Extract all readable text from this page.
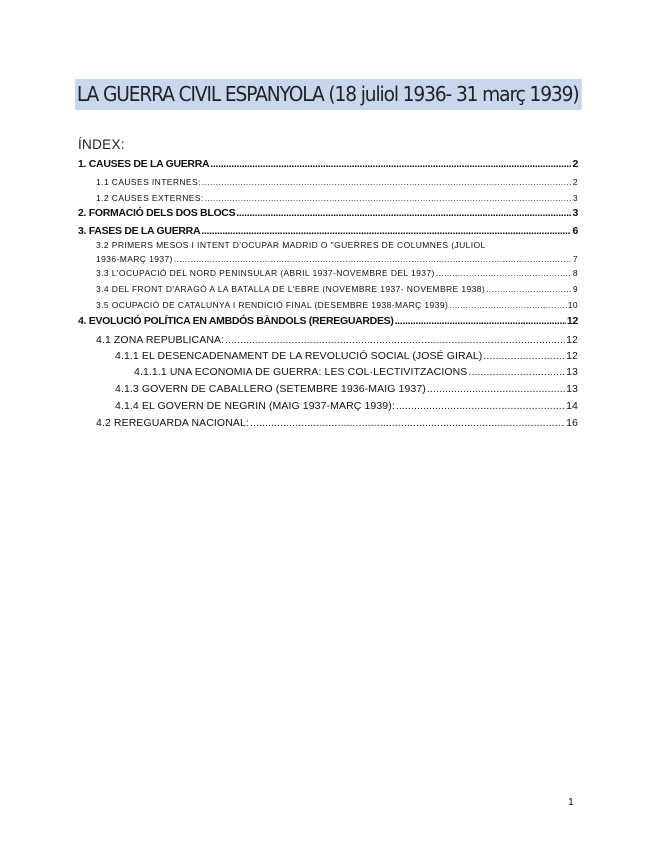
LA GUERRA CIVIL ESPANYOLA (18 juliol 1936- 31 març 1939)
ÍNDEX:
1. CAUSES DE LA GUERRA .....	2
1.1 CAUSES INTERNES: .....	2
1.2 CAUSES EXTERNES: .....	3
2. FORMACIÓ DELS DOS BLOCS .....	3
3. FASES DE LA GUERRA .....	6
3.2 PRIMERS MESOS I INTENT D'OCUPAR MADRID O "GUERRES DE COLUMNES (JULIOL
1936-MARÇ 1937) .....	7
3.3 L'OCUPACIÓ DEL NORD PENINSULAR (ABRIL 1937-NOVEMBRE DEL 1937) .....	8
3.4 DEL FRONT D'ARAGÓ A LA BATALLA DE L'EBRE (NOVEMBRE 1937- NOVEMBRE 1938) .....	9
3.5 OCUPACIÓ DE CATALUNYA I RENDICIÓ FINAL (DESEMBRE 1938-MARÇ 1939) .....	10
4. EVOLUCIÓ POLÍTICA EN AMBDÓS BÀNDOLS (REREGUARDES) .....	12
4.1 ZONA REPUBLICANA: .....	12
4.1.1 EL DESENCADENAMENT DE LA REVOLUCIÓ SOCIAL (JOSÉ GIRAL) .....	12
4.1.1.1 UNA ECONOMIA DE GUERRA: LES COL·LECTIVITZACIONS .....	13
4.1.3 GOVERN DE CABALLERO (SETEMBRE 1936-MAIG 1937) .....	13
4.1.4 EL GOVERN DE NEGRIN (MAIG 1937-MARÇ 1939): .....	14
4.2 REREGUARDA NACIONAL: .....	16
1
